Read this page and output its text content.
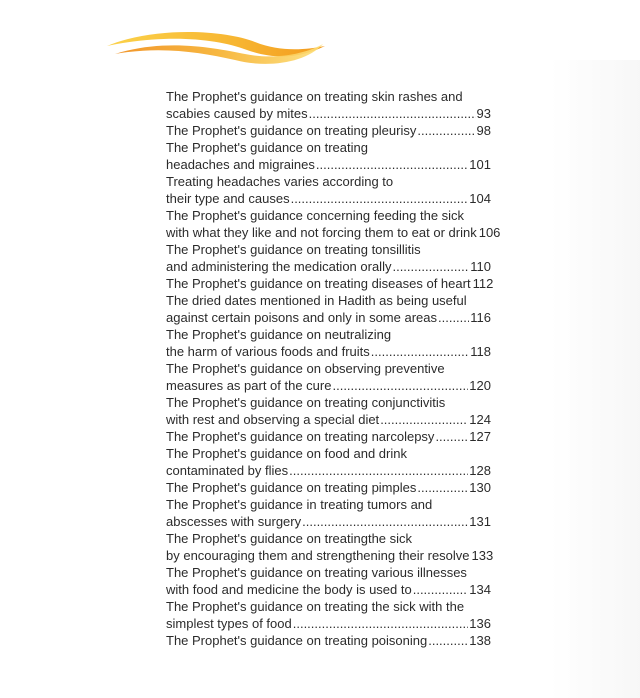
The Prophet's guidance on treating skin rashes and
scabies caused by mites .....	93
The Prophet's guidance on treating pleurisy .....	98
The Prophet's guidance on treating
headaches and migraines .....	101
Treating headaches varies according to
their type and causes .....	104
The Prophet's guidance concerning feeding the sick
with what they like and not forcing them to eat or drink 106
The Prophet's guidance on treating tonsillitis
and administering the medication orally .....	110
The Prophet's guidance on treating diseases of heart 112
The dried dates mentioned in Hadith as being useful
against certain poisons and only in some areas .....	116
The Prophet's guidance on neutralizing
the harm of various foods and fruits .....	118
The Prophet's guidance on observing preventive
measures as part of the cure .....	120
The Prophet's guidance on treating conjunctivitis
with rest and observing a special diet .....	124
The Prophet's guidance on treating narcolepsy .....	127
The Prophet's guidance on food and drink
contaminated by flies .....	128
The Prophet's guidance on treating pimples .....	130
The Prophet's guidance in treating tumors and
abscesses with surgery .....	131
The Prophet's guidance on treatingthe sick
by encouraging them and strengthening their resolve 133
The Prophet's guidance on treating various illnesses
with food and medicine the body is used to .....	134
The Prophet's guidance on treating the sick with the
simplest types of food .....	136
The Prophet's guidance on treating poisoning .....	138
